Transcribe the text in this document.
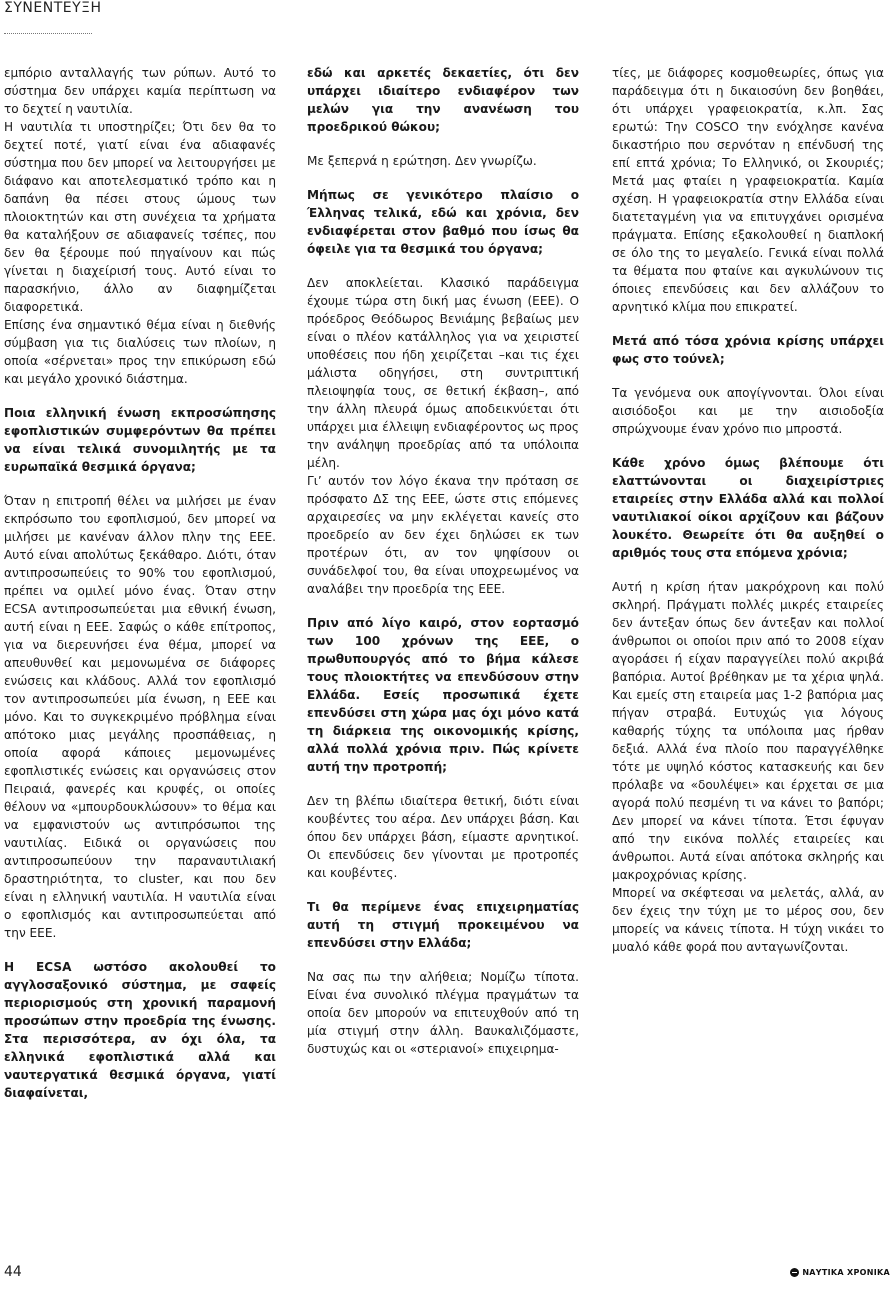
ΣΥΝΕΝΤΕΥΞΗ

εμπόριο ανταλλαγής των ρύπων. Αυτό το σύστημα δεν υπάρχει καμία περίπτωση να το δεχτεί η ναυτιλία.

Η ναυτιλία τι υποστηρίζει; Ότι δεν θα το δεχτεί ποτέ, γιατί είναι ένα αδιαφανές σύστημα που δεν μπορεί να λειτουργήσει με διάφανο και αποτελεσματικό τρόπο και η δαπάνη θα πέσει στους ώμους των πλοιοκτητών και στη συνέχεια τα χρήματα θα καταλήξουν σε αδιαφανείς τσέπες, που δεν θα ξέρουμε πού πηγαίνουν και πώς γίνεται η διαχείρισή τους. Αυτό είναι το παρασκήνιο, άλλο αν διαφημίζεται διαφορετικά.

Επίσης ένα σημαντικό θέμα είναι η διεθνής σύμβαση για τις διαλύσεις των πλοίων, η οποία «σέρνεται» προς την επικύρωση εδώ και μεγάλο χρονικό διάστημα.

Ποια ελληνική ένωση εκπροσώπησης εφοπλιστικών συμφερόντων θα πρέπει να είναι τελικά συνομιλητής με τα ευρωπαϊκά θεσμικά όργανα;

Όταν η επιτροπή θέλει να μιλήσει με έναν εκπρόσωπο του εφοπλισμού, δεν μπορεί να μιλήσει με κανέναν άλλον πλην της ΕΕΕ. Αυτό είναι απολύτως ξεκάθαρο. Διότι, όταν αντιπροσωπεύεις το 90% του εφοπλισμού, πρέπει να ομιλεί μόνο ένας. Όταν στην ECSA αντιπροσωπεύεται μια εθνική ένωση, αυτή είναι η ΕΕΕ. Σαφώς ο κάθε επίτροπος, για να διερευνήσει ένα θέμα, μπορεί να απευθυνθεί και μεμονωμένα σε διάφορες ενώσεις και κλάδους. Αλλά τον εφοπλισμό τον αντιπροσωπεύει μία ένωση, η ΕΕΕ και μόνο. Και το συγκεκριμένο πρόβλημα είναι απότοκο μιας μεγάλης προσπάθειας, η οποία αφορά κάποιες μεμονωμένες εφοπλιστικές ενώσεις και οργανώσεις στον Πειραιά, φανερές και κρυφές, οι οποίες θέλουν να «μπουρδουκλώσουν» το θέμα και να εμφανιστούν ως αντιπρόσωποι της ναυτιλίας. Ειδικά οι οργανώσεις που αντιπροσωπεύουν την παραναυτιλιακή δραστηριότητα, το cluster, και που δεν είναι η ελληνική ναυτιλία. Η ναυτιλία είναι ο εφοπλισμός και αντιπροσωπεύεται από την ΕΕΕ.

Η ECSA ωστόσο ακολουθεί το αγγλοσαξονικό σύστημα, με σαφείς περιορισμούς στη χρονική παραμονή προσώπων στην προεδρία της ένωσης. Στα περισσότερα, αν όχι όλα, τα ελληνικά εφοπλιστικά αλλά και ναυτεργατικά θεσμικά όργανα, γιατί διαφαίνεται,

εδώ και αρκετές δεκαετίες, ότι δεν υπάρχει ιδιαίτερο ενδιαφέρον των μελών για την ανανέωση του προεδρικού θώκου;

Με ξεπερνά η ερώτηση. Δεν γνωρίζω.

Μήπως σε γενικότερο πλαίσιο ο Έλληνας τελικά, εδώ και χρόνια, δεν ενδιαφέρεται στον βαθμό που ίσως θα όφειλε για τα θεσμικά του όργανα;

Δεν αποκλείεται. Κλασικό παράδειγμα έχουμε τώρα στη δική μας ένωση (ΕΕΕ). Ο πρόεδρος Θεόδωρος Βενιάμης βεβαίως μεν είναι ο πλέον κατάλληλος για να χειριστεί υποθέσεις που ήδη χειρίζεται –και τις έχει μάλιστα οδηγήσει, στη συντριπτική πλειοψηφία τους, σε θετική έκβαση–, από την άλλη πλευρά όμως αποδεικνύεται ότι υπάρχει μια έλλειψη ενδιαφέροντος ως προς την ανάληψη προεδρίας από τα υπόλοιπα μέλη.

Γι’ αυτόν τον λόγο έκανα την πρόταση σε πρόσφατο ΔΣ της ΕΕΕ, ώστε στις επόμενες αρχαιρεσίες να μην εκλέγεται κανείς στο προεδρείο αν δεν έχει δηλώσει εκ των προτέρων ότι, αν τον ψηφίσουν οι συνάδελφοί του, θα είναι υποχρεωμένος να αναλάβει την προεδρία της ΕΕΕ.

Πριν από λίγο καιρό, στον εορτασμό των 100 χρόνων της ΕΕΕ, ο πρωθυπουργός από το βήμα κάλεσε τους πλοιοκτήτες να επενδύσουν στην Ελλάδα. Εσείς προσωπικά έχετε επενδύσει στη χώρα μας όχι μόνο κατά τη διάρκεια της οικονομικής κρίσης, αλλά πολλά χρόνια πριν. Πώς κρίνετε αυτή την προτροπή;

Δεν τη βλέπω ιδιαίτερα θετική, διότι είναι κουβέντες του αέρα. Δεν υπάρχει βάση. Και όπου δεν υπάρχει βάση, είμαστε αρνητικοί. Οι επενδύσεις δεν γίνονται με προτροπές και κουβέντες.

Τι θα περίμενε ένας επιχειρηματίας αυτή τη στιγμή προκειμένου να επενδύσει στην Ελλάδα;

Να σας πω την αλήθεια; Νομίζω τίποτα. Είναι ένα συνολικό πλέγμα πραγμάτων τα οποία δεν μπορούν να επιτευχθούν από τη μία στιγμή στην άλλη. Βαυκαλιζόμαστε, δυστυχώς και οι «στεριανοί» επιχειρημα-

τίες, με διάφορες κοσμοθεωρίες, όπως για παράδειγμα ότι η δικαιοσύνη δεν βοηθάει, ότι υπάρχει γραφειοκρατία, κ.λπ. Σας ερωτώ: Την COSCO την ενόχλησε κανένα δικαστήριο που σερνόταν η επένδυσή της επί επτά χρόνια; Το Ελληνικό, οι Σκουριές; Μετά μας φταίει η γραφειοκρατία. Καμία σχέση. Η γραφειοκρατία στην Ελλάδα είναι διατεταγμένη για να επιτυγχάνει ορισμένα πράγματα. Επίσης εξακολουθεί η διαπλοκή σε όλο της το μεγαλείο. Γενικά είναι πολλά τα θέματα που φταίνε και αγκυλώνουν τις όποιες επενδύσεις και δεν αλλάζουν το αρνητικό κλίμα που επικρατεί.

Μετά από τόσα χρόνια κρίσης υπάρχει φως στο τούνελ;

Τα γενόμενα ουκ απογίγνονται. Όλοι είναι αισιόδοξοι και με την αισιοδοξία σπρώχνουμε έναν χρόνο πιο μπροστά.

Κάθε χρόνο όμως βλέπουμε ότι ελαττώνονται οι διαχειρίστριες εταιρείες στην Ελλάδα αλλά και πολλοί ναυτιλιακοί οίκοι αρχίζουν και βάζουν λουκέτο. Θεωρείτε ότι θα αυξηθεί ο αριθμός τους στα επόμενα χρόνια;

Αυτή η κρίση ήταν μακρόχρονη και πολύ σκληρή. Πράγματι πολλές μικρές εταιρείες δεν άντεξαν όπως δεν άντεξαν και πολλοί άνθρωποι οι οποίοι πριν από το 2008 είχαν αγοράσει ή είχαν παραγγείλει πολύ ακριβά βαπόρια. Αυτοί βρέθηκαν με τα χέρια ψηλά. Και εμείς στη εταιρεία μας 1-2 βαπόρια μας πήγαν στραβά. Ευτυχώς για λόγους καθαρής τύχης τα υπόλοιπα μας ήρθαν δεξιά. Αλλά ένα πλοίο που παραγγέλθηκε τότε με υψηλό κόστος κατασκευής και δεν πρόλαβε να «δουλέψει» και έρχεται σε μια αγορά πολύ πεσμένη τι να κάνει το βαπόρι; Δεν μπορεί να κάνει τίποτα. Έτσι έφυγαν από την εικόνα πολλές εταιρείες και άνθρωποι. Αυτά είναι απότοκα σκληρής και μακροχρόνιας κρίσης.

Μπορεί να σκέφτεσαι να μελετάς, αλλά, αν δεν έχεις την τύχη με το μέρος σου, δεν μπορείς να κάνεις τίποτα. Η τύχη νικάει το μυαλό κάθε φορά που ανταγωνίζονται.

44	ΝΑΥΤΙΚΑ ΧΡΟΝΙΚΑ
